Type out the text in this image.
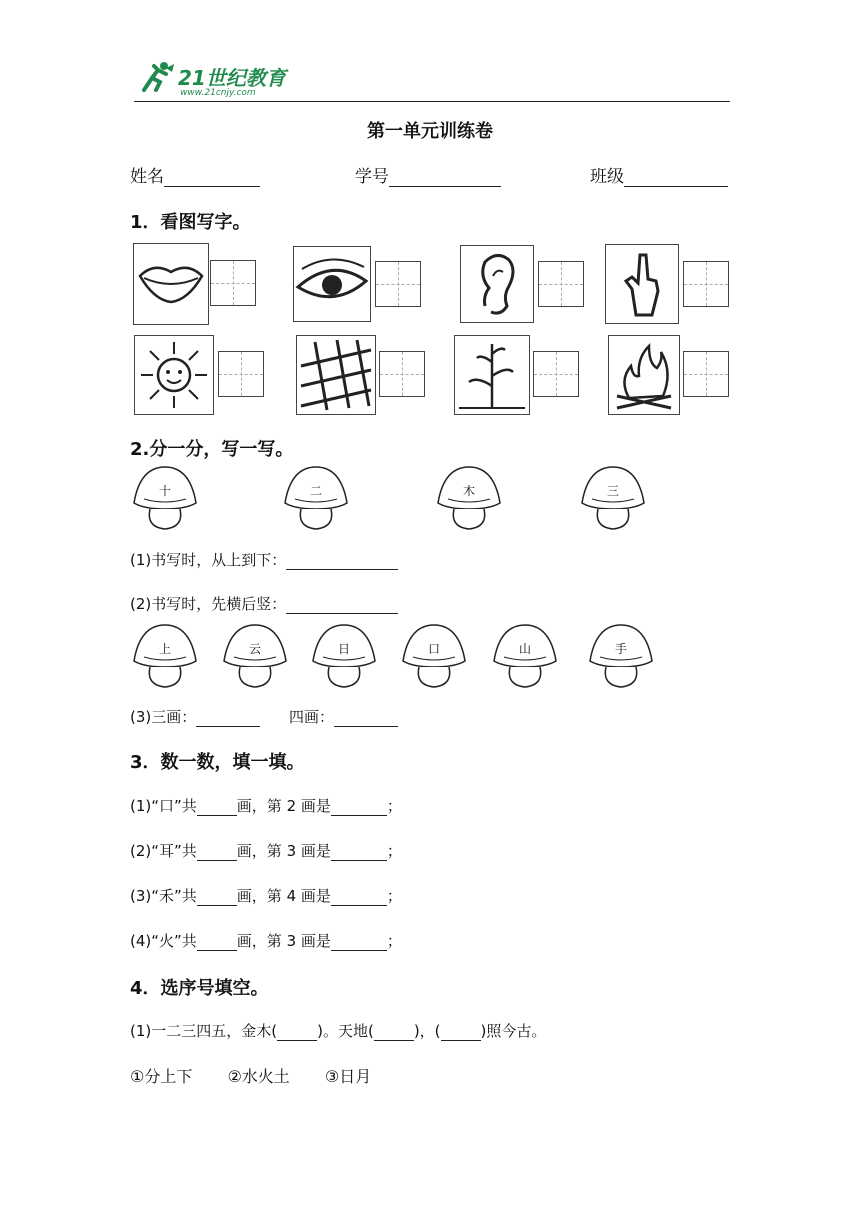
21世纪教育
www.21cnjy.com
第一单元训练卷
姓名	学号	班级
1．看图写字。
2.分一分，写一写。
十	二	木	三
(1)书写时，从上到下：
(2)书写时，先横后竖：
上	云	日	口	山	手
(3)三画：	四画：
3．数一数，填一填。
(1)“口”共	画，第 2 画是	；
(2)“耳”共	画，第 3 画是	；
(3)“禾”共	画，第 4 画是	；
(4)“火”共	画，第 3 画是	；
4．选序号填空。
(1)一二三四五，金木(	)。天地(	)，(	)照今古。
①分上下 ②水火土 ③日月
